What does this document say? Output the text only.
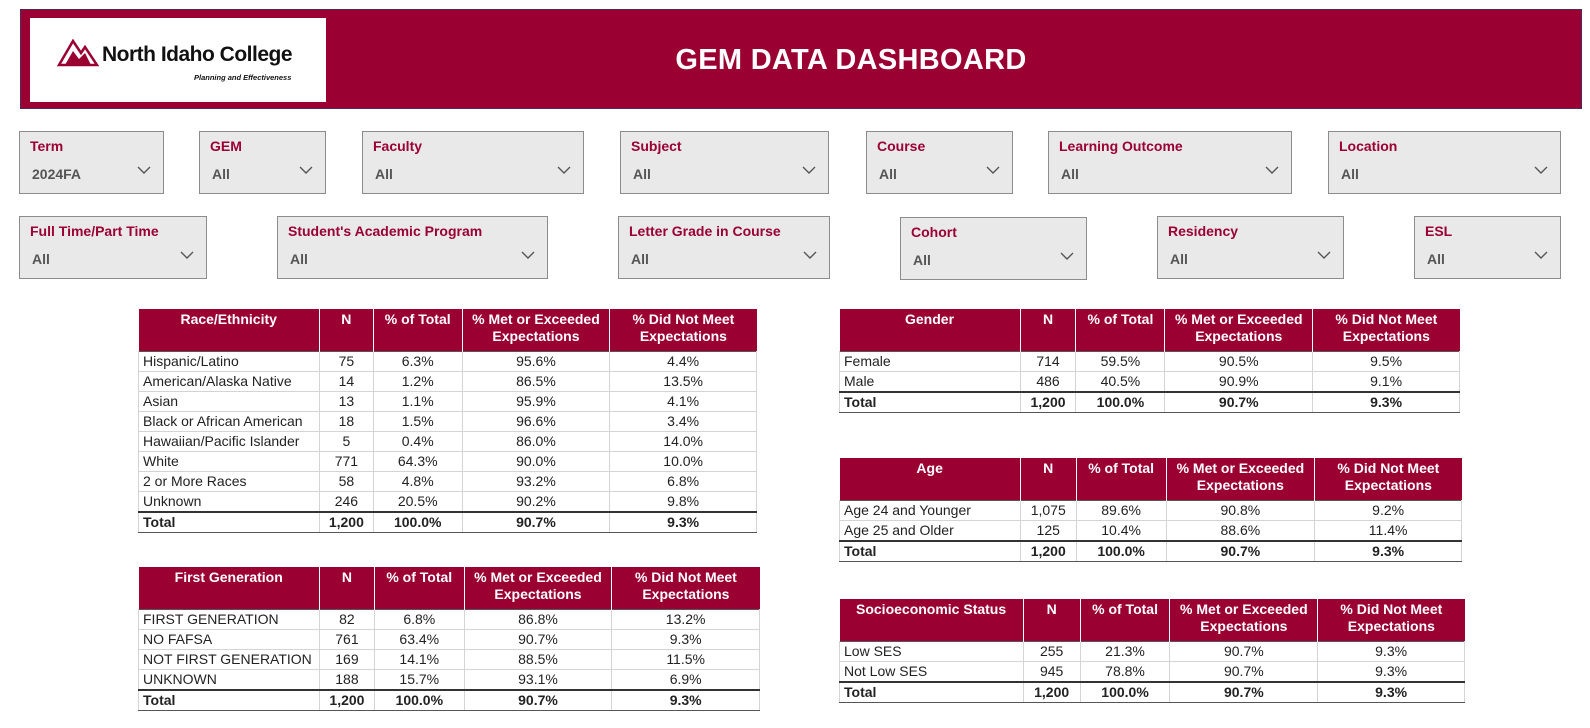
North Idaho College
Planning and Effectiveness
GEM DATA DASHBOARD
Term
2024FA
GEM
All
Faculty
All
Subject
All
Course
All
Learning Outcome
All
Location
All
Full Time/Part Time
All
Student's Academic Program
All
Letter Grade in Course
All
Cohort
All
Residency
All
ESL
All
Race/Ethnicity	N	% of Total	% Met or Exceeded Expectations	% Did Not Meet Expectations
Hispanic/Latino	75	6.3%	95.6%	4.4%
American/Alaska Native	14	1.2%	86.5%	13.5%
Asian	13	1.1%	95.9%	4.1%
Black or African American	18	1.5%	96.6%	3.4%
Hawaiian/Pacific Islander	5	0.4%	86.0%	14.0%
White	771	64.3%	90.0%	10.0%
2 or More Races	58	4.8%	93.2%	6.8%
Unknown	246	20.5%	90.2%	9.8%
Total	1,200	100.0%	90.7%	9.3%
First Generation	N	% of Total	% Met or Exceeded Expectations	% Did Not Meet Expectations
FIRST GENERATION	82	6.8%	86.8%	13.2%
NO FAFSA	761	63.4%	90.7%	9.3%
NOT FIRST GENERATION	169	14.1%	88.5%	11.5%
UNKNOWN	188	15.7%	93.1%	6.9%
Total	1,200	100.0%	90.7%	9.3%
Gender	N	% of Total	% Met or Exceeded Expectations	% Did Not Meet Expectations
Female	714	59.5%	90.5%	9.5%
Male	486	40.5%	90.9%	9.1%
Total	1,200	100.0%	90.7%	9.3%
Age	N	% of Total	% Met or Exceeded Expectations	% Did Not Meet Expectations
Age 24 and Younger	1,075	89.6%	90.8%	9.2%
Age 25 and Older	125	10.4%	88.6%	11.4%
Total	1,200	100.0%	90.7%	9.3%
Socioeconomic Status	N	% of Total	% Met or Exceeded Expectations	% Did Not Meet Expectations
Low SES	255	21.3%	90.7%	9.3%
Not Low SES	945	78.8%	90.7%	9.3%
Total	1,200	100.0%	90.7%	9.3%
